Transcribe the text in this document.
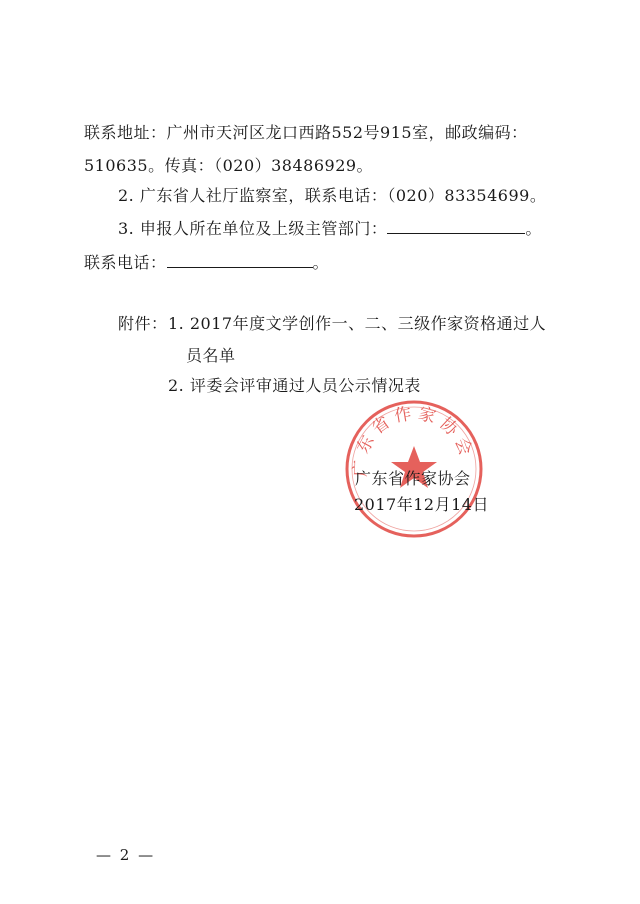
联系地址：广州市天河区龙口西路552号915室，邮政编码：
510635。传真：（020）38486929。
2. 广东省人社厅监察室，联系电话：（020）83354699。
3. 申报人所在单位及上级主管部门：	。
联系电话：	。
附件： 1. 2017年度文学创作一、二、三级作家资格通过人
员名单
2. 评委会评审通过人员公示情况表
广东省作家协会
广东省作家协会
2017年12月14日
— 2 —
